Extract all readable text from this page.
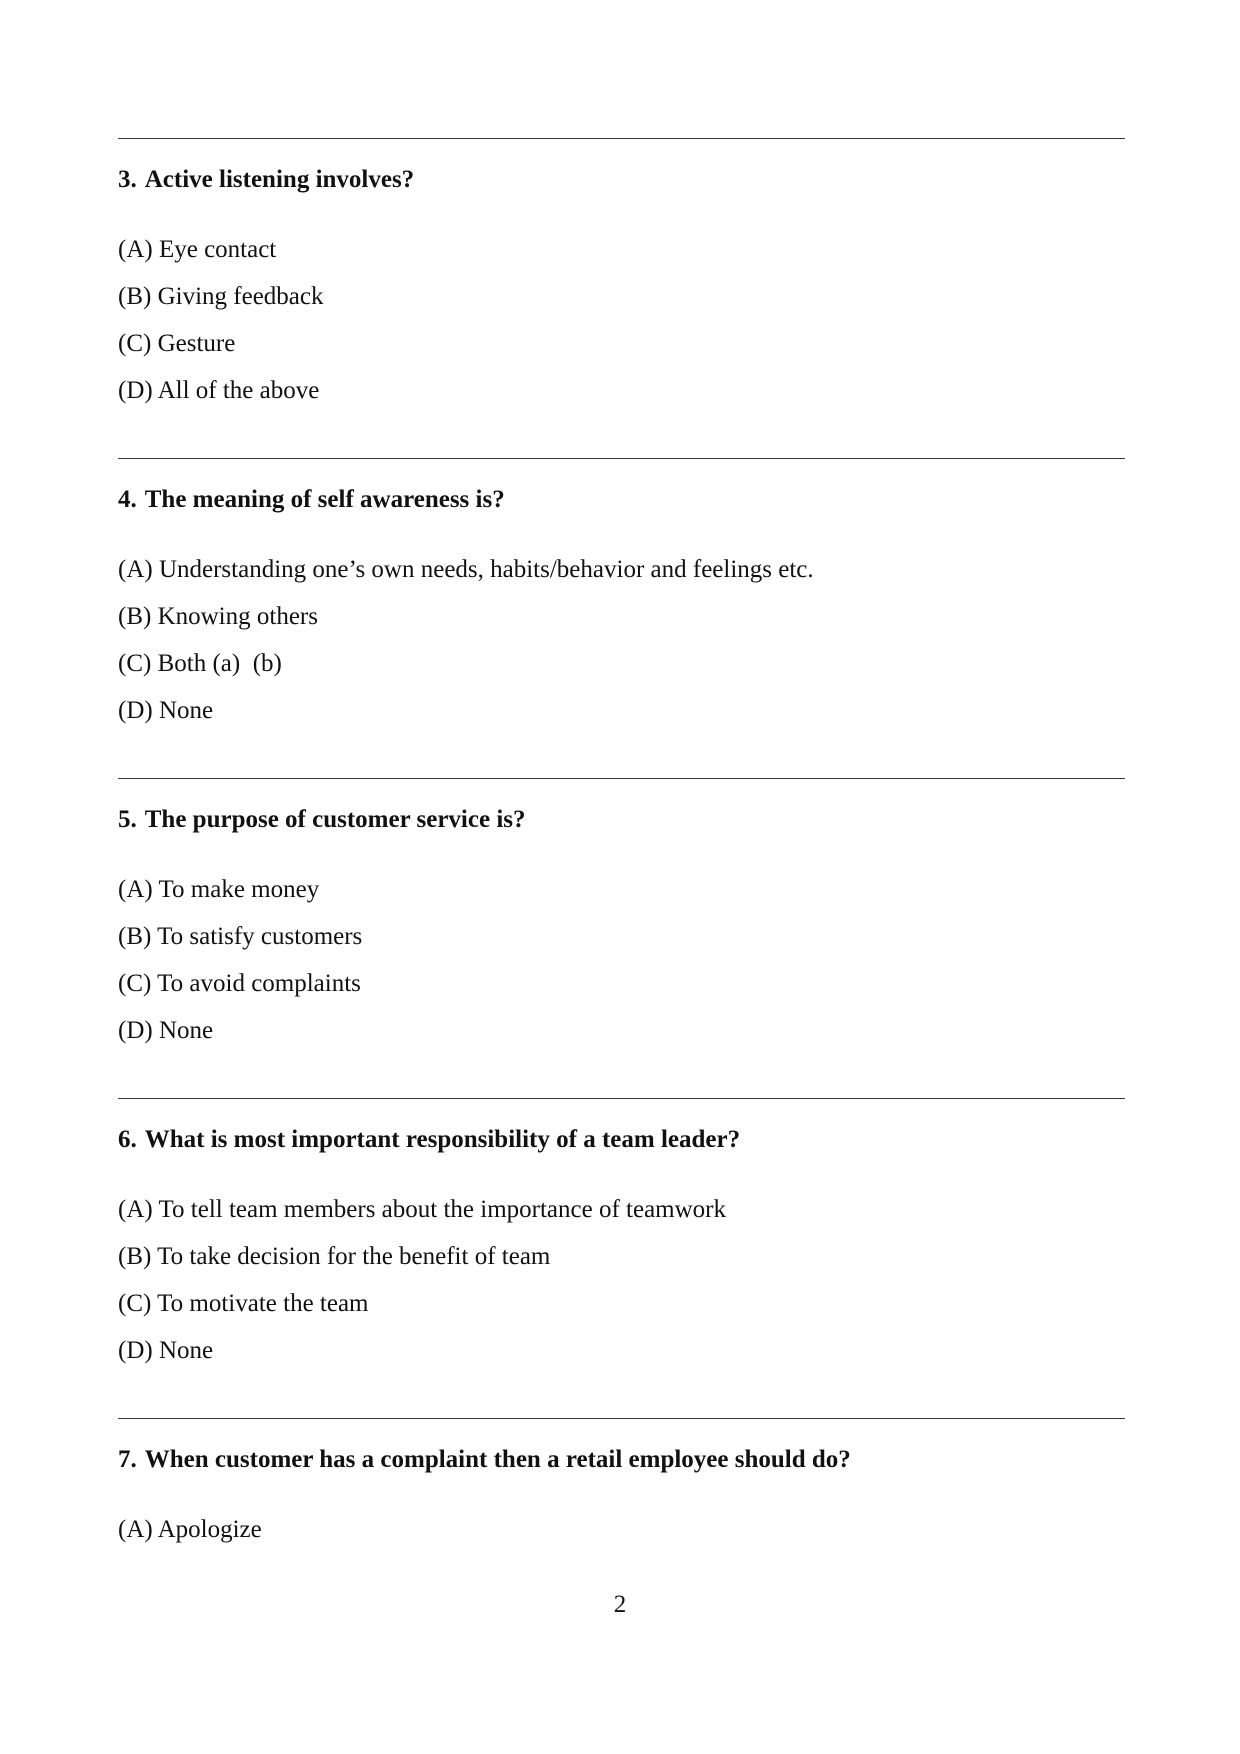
3. Active listening involves?
(A) Eye contact
(B) Giving feedback
(C) Gesture
(D) All of the above
4. The meaning of self awareness is?
(A) Understanding one’s own needs, habits/behavior and feelings etc.
(B) Knowing others
(C) Both (a)  (b)
(D) None
5. The purpose of customer service is?
(A) To make money
(B) To satisfy customers
(C) To avoid complaints
(D) None
6. What is most important responsibility of a team leader?
(A) To tell team members about the importance of teamwork
(B) To take decision for the benefit of team
(C) To motivate the team
(D) None
7. When customer has a complaint then a retail employee should do?
(A) Apologize
2
